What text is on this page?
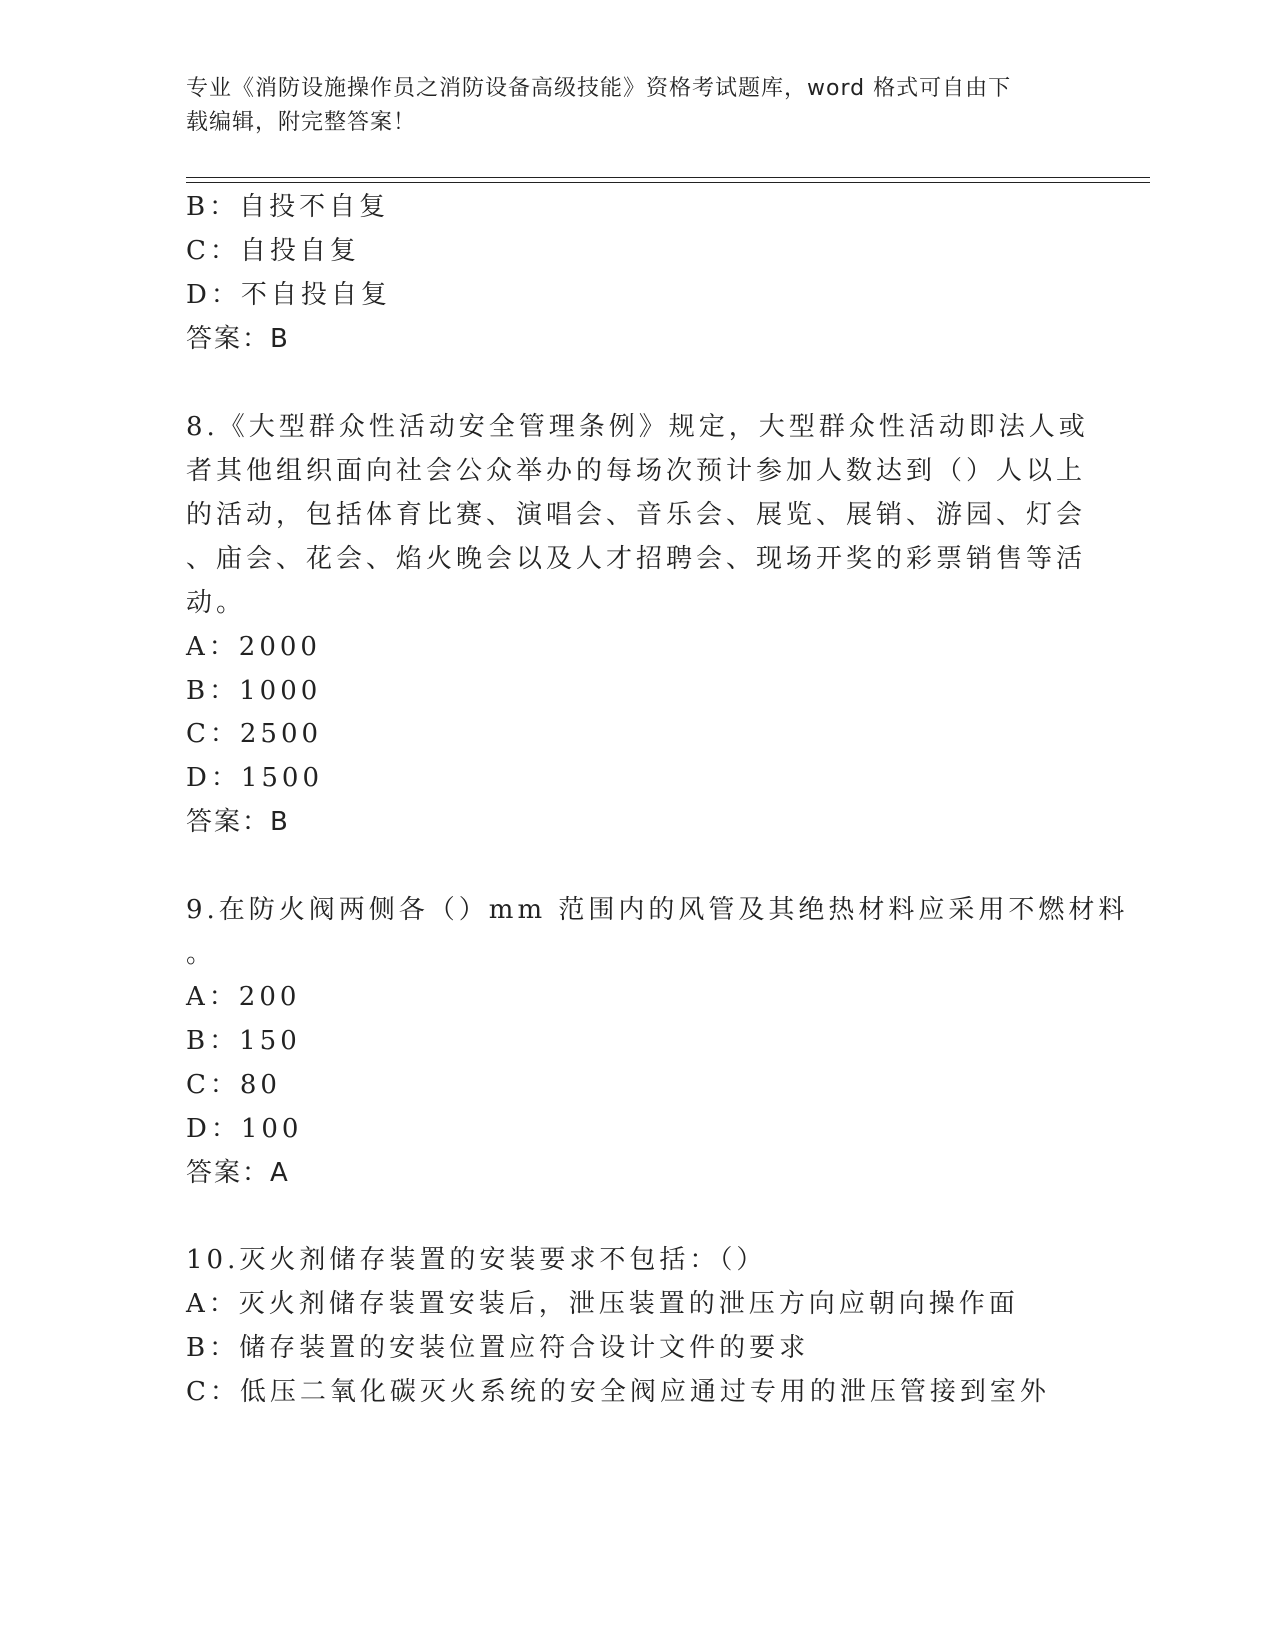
专业《消防设施操作员之消防设备高级技能》资格考试题库，word 格式可自由下
载编辑，附完整答案！
B：自投不自复
C：自投自复
D：不自投自复
答案：B
8.《大型群众性活动安全管理条例》规定，大型群众性活动即法人或
者其他组织面向社会公众举办的每场次预计参加人数达到（）人以上
的活动，包括体育比赛、演唱会、音乐会、展览、展销、游园、灯会
、庙会、花会、焰火晚会以及人才招聘会、现场开奖的彩票销售等活
动。
A：2000
B：1000
C：2500
D：1500
答案：B
9.在防火阀两侧各（）mm 范围内的风管及其绝热材料应采用不燃材料
。
A：200
B：150
C：80
D：100
答案：A
10.灭火剂储存装置的安装要求不包括：（）
A：灭火剂储存装置安装后，泄压装置的泄压方向应朝向操作面
B：储存装置的安装位置应符合设计文件的要求
C：低压二氧化碳灭火系统的安全阀应通过专用的泄压管接到室外
